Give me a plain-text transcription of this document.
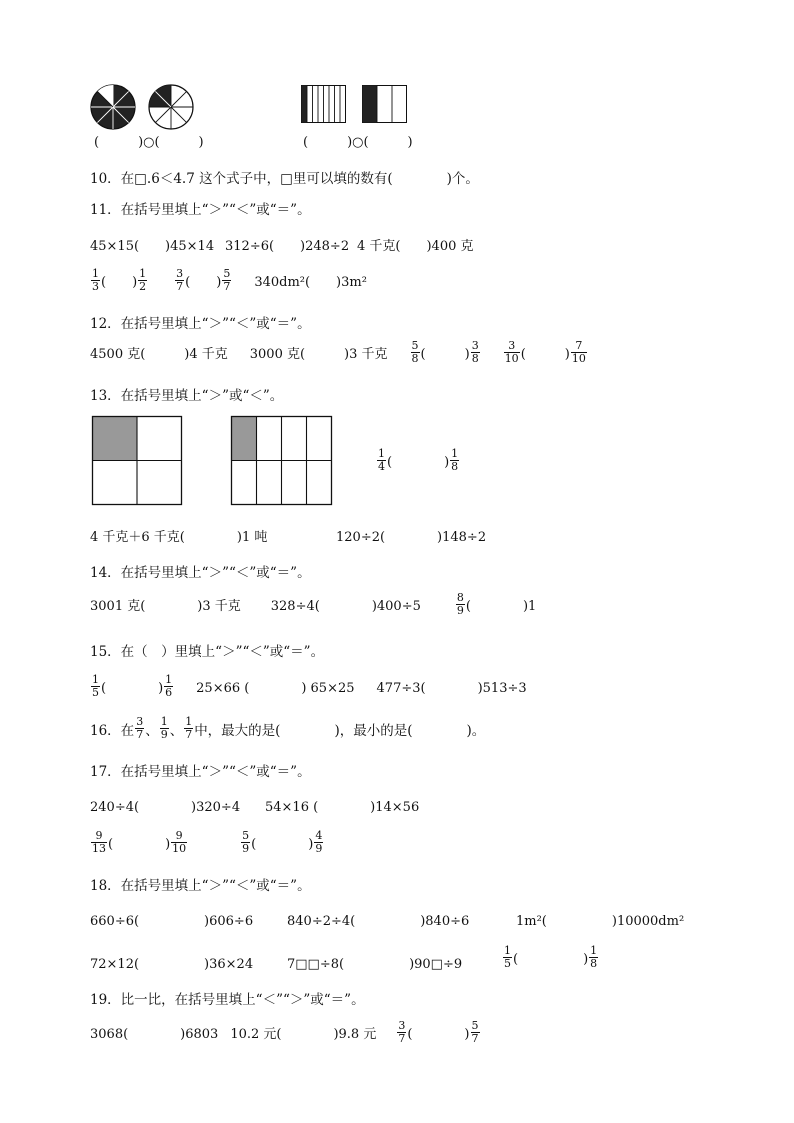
(　　　)○(　　　)	(　　　)○(　　　)
10．在□.6＜4.7 这个式子中，□里可以填的数有(　　　　)个。
11．在括号里填上“＞”“＜”或“＝”。
45×15(　　)45×14 312÷6(　　)248÷2 4 千克(　　)400 克
$\frac{1}{3}$ (　　) $\frac{1}{2}$	$\frac{3}{7}$ (　　) $\frac{5}{7} 340dm^2$(　　)3m²
12．在括号里填上“＞”“＜”或“＝”。
4500 克(　　　)4 千克 3000 克(　　　)3 千克 $\frac{5}{8}$ (　　　) $\frac{3}{8} \frac{3}{10}$ (　　　) $\frac{7}{10}$
13．在括号里填上“＞”或“＜”。
$\frac{1}{4}$ (　　　　) $\frac{1}{8}$
4 千克＋6 千克(　　　　)1 吨	120÷2(　　　　)148÷2
14．在括号里填上“＞”“＜”或“＝”。
3001 克(　　　　)3 千克 328÷4(　　　　)400÷5	$\frac{8}{9}$ (　　　　)1
15．在（　）里填上“＞”“＜”或“＝”。
$\frac{1}{5}$ (　　　　) $\frac{1}{6} 25\times 66$ (　　　　) 65×25 477÷3(　　　　)513÷3
16．在 $\frac{3}{7}$ 、 $\frac{1}{9}$ 、 $\frac{1}{7}$ 中，最大的是(　　　　)，最小的是(　　　　)。
17．在括号里填上“＞”“＜”或“＝”。
240÷4(　　　　)320÷4 54×16 (　　　　)14×56
$\frac{9}{13}$ (　　　　) $\frac{9}{10}$	$\frac{5}{9}$ (　　　　) $\frac{4}{9}$
18．在括号里填上“＞”“＜”或“＝”。
660÷6(　　　　　)606÷6	840÷2÷4(　　　　　)840÷6	1m²(　　　　　)10000dm²
72×12(　　　　　)36×24	7□□÷8(　　　　　)90□÷9	$\frac{1}{5}$ (　　　　　) $\frac{1}{8}$
19．比一比，在括号里填上“＜”“＞”或“＝”。
3068(　　　　)6803 10.2 元(　　　　)9.8 元 $\frac{3}{7}$ (　　　　) $\frac{5}{7}$
